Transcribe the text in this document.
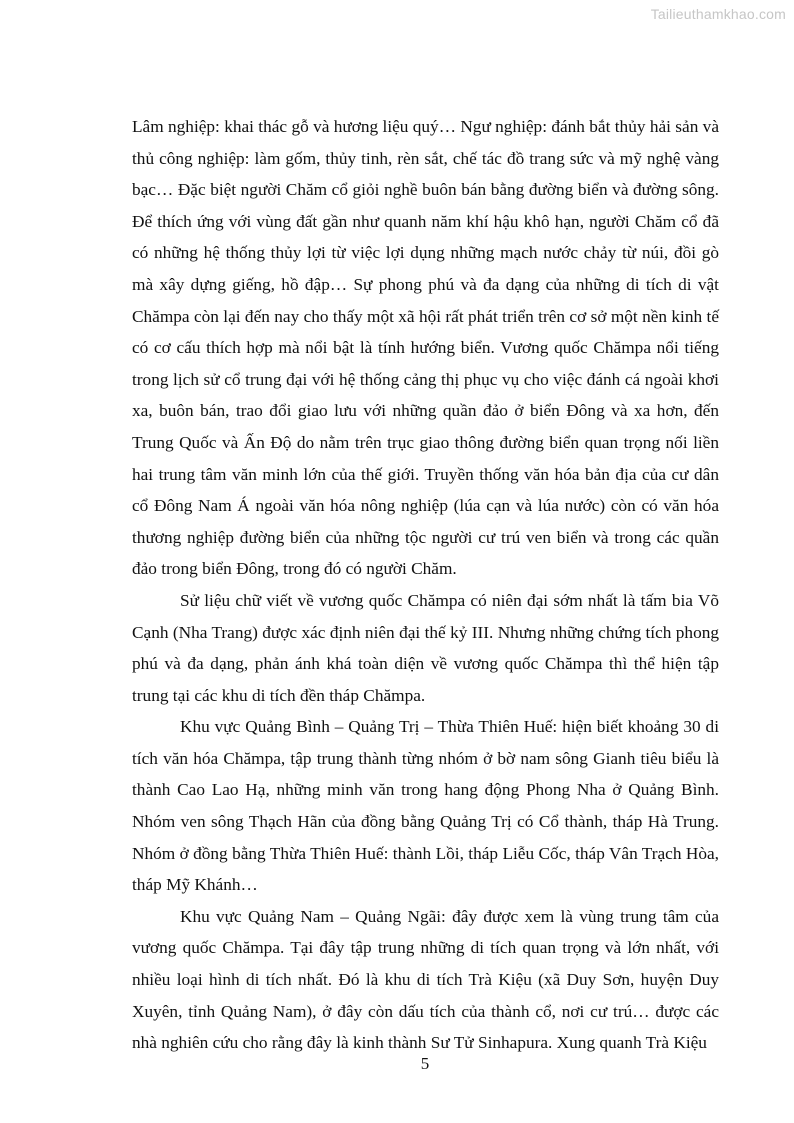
Tailieuthamkhao.com

Lâm nghiệp: khai thác gỗ và hương liệu quý… Ngư nghiệp: đánh bắt thủy hải sản và thủ công nghiệp: làm gốm, thủy tinh, rèn sắt, chế tác đồ trang sức và mỹ nghệ vàng bạc… Đặc biệt người Chăm cổ giỏi nghề buôn bán bằng đường biển và đường sông. Để thích ứng với vùng đất gần như quanh năm khí hậu khô hạn, người Chăm cổ đã có những hệ thống thủy lợi từ việc lợi dụng những mạch nước chảy từ núi, đồi gò mà xây dựng giếng, hồ đập… Sự phong phú và đa dạng của những di tích di vật Chămpa còn lại đến nay cho thấy một xã hội rất phát triển trên cơ sở một nền kinh tế có cơ cấu thích hợp mà nổi bật là tính hướng biển. Vương quốc Chămpa nổi tiếng trong lịch sử cổ trung đại với hệ thống cảng thị phục vụ cho việc đánh cá ngoài khơi xa, buôn bán, trao đổi giao lưu với những quần đảo ở biển Đông và xa hơn, đến Trung Quốc và Ấn Độ do nằm trên trục giao thông đường biển quan trọng nối liền hai trung tâm văn minh lớn của thế giới. Truyền thống văn hóa bản địa của cư dân cổ Đông Nam Á ngoài văn hóa nông nghiệp (lúa cạn và lúa nước) còn có văn hóa thương nghiệp đường biển của những tộc người cư trú ven biển và trong các quần đảo trong biển Đông, trong đó có người Chăm.

Sử liệu chữ viết về vương quốc Chămpa có niên đại sớm nhất là tấm bia Võ Cạnh (Nha Trang) được xác định niên đại thế kỷ III. Nhưng những chứng tích phong phú và đa dạng, phản ánh khá toàn diện về vương quốc Chămpa thì thể hiện tập trung tại các khu di tích đền tháp Chămpa.

Khu vực Quảng Bình – Quảng Trị – Thừa Thiên Huế: hiện biết khoảng 30 di tích văn hóa Chămpa, tập trung thành từng nhóm ở bờ nam sông Gianh tiêu biểu là thành Cao Lao Hạ, những minh văn trong hang động Phong Nha ở Quảng Bình. Nhóm ven sông Thạch Hãn của đồng bằng Quảng Trị có Cổ thành, tháp Hà Trung. Nhóm ở đồng bằng Thừa Thiên Huế: thành Lồi, tháp Liễu Cốc, tháp Vân Trạch Hòa, tháp Mỹ Khánh…

Khu vực Quảng Nam – Quảng Ngãi: đây được xem là vùng trung tâm của vương quốc Chămpa. Tại đây tập trung những di tích quan trọng và lớn nhất, với nhiều loại hình di tích nhất. Đó là khu di tích Trà Kiệu (xã Duy Sơn, huyện Duy Xuyên, tỉnh Quảng Nam), ở đây còn dấu tích của thành cổ, nơi cư trú… được các nhà nghiên cứu cho rằng đây là kinh thành Sư Tử Sinhapura. Xung quanh Trà Kiệu

5
